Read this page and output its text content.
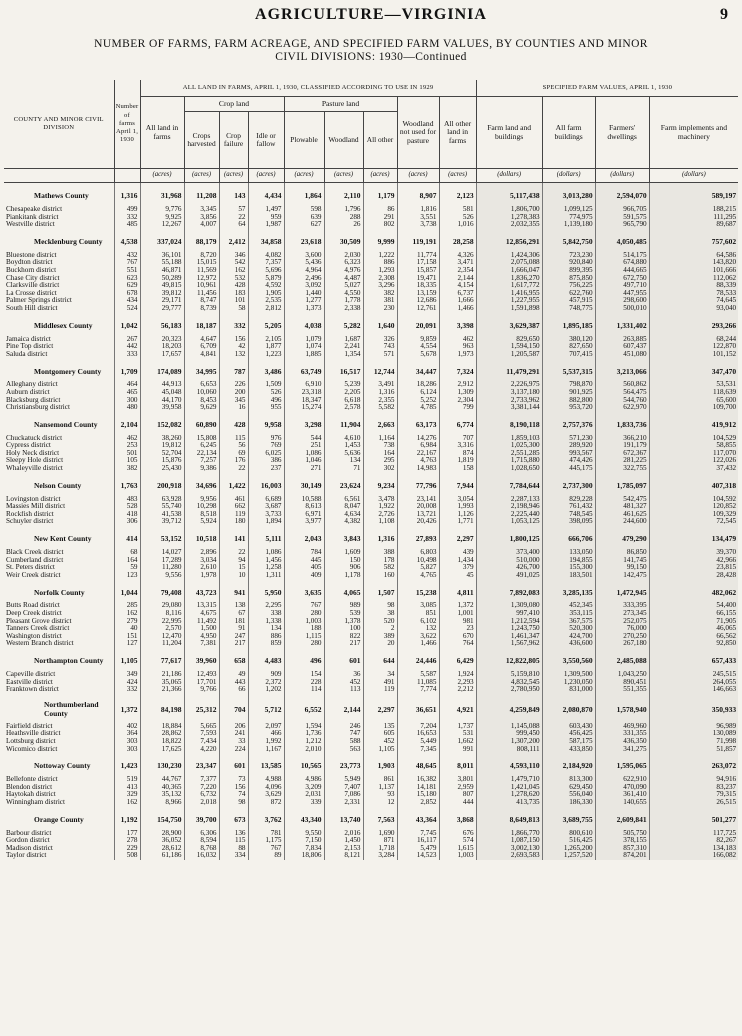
AGRICULTURE—VIRGINIA	9
NUMBER OF FARMS, FARM ACREAGE, AND SPECIFIED FARM VALUES, BY COUNTIES AND MINOR
CIVIL DIVISIONS: 1930—Continued
COUNTY AND MINOR CIVIL DIVISION	Number of farms April 1, 1930	ALL LAND IN FARMS, APRIL 1, 1930, CLASSIFIED ACCORDING TO USE IN 1929									SPECIFIED FARM VALUES, APRIL 1, 1930			
		All land in farms	Crop land			Pasture land			Woodland not used for pasture	All other land in farms	Farm land and buildings	All farm buildings	Farmers' dwellings	Farm implements and machinery
			Crops harvested	Crop failure	Idle or fallow	Plowable	Woodland	All other						
		(acres)	(acres)	(acres)	(acres)	(acres)	(acres)	(acres)	(acres)	(acres)	(dollars)	(dollars)	(dollars)	(dollars)
Mathews County	1,316	31,968	11,208	143	4,434	1,864	2,110	1,179	8,907	2,123	5,117,438	3,013,280	2,594,070	589,197
Chesapeake district	499	9,776	3,345	57	1,497	598	1,796	86	1,816	581	1,806,700	1,099,125	966,705	188,215
Piankitank district	332	9,925	3,856	22	959	639	288	291	3,551	526	1,278,383	774,975	591,575	111,295
Westville district	485	12,267	4,007	64	1,987	627	26	802	3,738	1,016	2,032,355	1,139,180	965,790	89,687
Mecklenburg County	4,538	337,024	88,179	2,412	34,858	23,618	30,509	9,999	119,191	28,258	12,856,291	5,842,750	4,050,485	757,602
Bluestone district	432	36,101	8,720	346	4,082	3,600	2,030	1,222	11,774	4,326	1,424,306	723,230	514,175	64,586
Boydton district	767	55,188	15,015	542	7,357	5,436	6,323	886	17,158	3,471	2,075,088	920,840	674,880	143,820
Buckhorn district	551	46,871	11,569	162	5,696	4,964	4,976	1,293	15,857	2,354	1,666,047	899,395	444,665	101,666
Chase City district	623	50,289	12,972	532	5,879	2,496	4,487	2,308	19,471	2,144	1,836,270	875,850	672,750	112,062
Clarksville district	629	49,815	10,961	428	4,592	3,092	5,027	3,296	18,335	4,154	1,617,772	756,225	497,710	88,339
La Crosse district	678	39,812	11,456	183	1,905	1,440	4,550	382	13,159	6,737	1,416,955	622,760	447,955	78,533
Palmer Springs district	434	29,171	8,747	101	2,535	1,277	1,778	381	12,686	1,666	1,227,955	457,915	298,600	74,645
South Hill district	524	29,777	8,739	58	2,812	1,373	2,338	230	12,761	1,466	1,591,898	748,775	500,010	93,040
Middlesex County	1,042	56,183	18,187	332	5,205	4,038	5,282	1,640	20,091	3,398	3,629,387	1,895,185	1,331,402	293,266
Jamaica district	267	20,323	4,647	156	2,105	1,079	1,687	326	9,859	462	829,650	380,120	263,885	68,244
Pine Top district	442	18,203	6,709	42	1,877	1,074	2,241	743	4,554	963	1,594,150	827,650	607,437	122,870
Saluda district	333	17,657	4,841	132	1,223	1,885	1,354	571	5,678	1,973	1,205,587	707,415	451,080	101,152
Montgomery County	1,709	174,089	34,995	787	3,486	63,749	16,517	12,744	34,447	7,324	11,479,291	5,537,315	3,213,066	347,470
Alleghany district	464	44,913	6,653	226	1,509	6,910	5,239	3,491	18,286	2,912	2,226,975	798,870	560,862	53,531
Auburn district	465	45,048	10,060	200	526	23,318	2,205	1,316	6,124	1,309	3,137,180	901,925	564,475	118,639
Blacksburg district	300	44,170	8,453	345	496	18,347	6,618	2,355	5,252	2,304	2,733,962	882,800	544,760	65,600
Christiansburg district	480	39,958	9,629	16	955	15,274	2,578	5,582	4,785	799	3,381,144	953,720	622,970	109,700
Nansemond County	2,104	152,082	60,890	428	9,958	3,298	11,904	2,663	63,173	6,774	8,190,118	2,757,376	1,833,736	419,912
Chuckatuck district	462	38,260	15,808	115	976	544	4,610	1,164	14,276	707	1,859,103	571,230	366,210	104,529
Cypress district	253	19,812	6,245	56	769	251	1,453	738	6,984	3,316	1,025,300	289,920	191,179	58,855
Holy Neck district	501	52,704	22,134	69	6,025	1,086	5,636	164	22,167	874	2,551,285	993,567	672,367	117,070
Sleepy Hole district	105	15,876	7,257	176	386	1,046	134	295	4,763	1,819	1,715,880	474,426	281,225	122,026
Whaleyville district	382	25,430	9,386	22	237	271	71	302	14,983	158	1,028,650	445,175	322,755	37,432
Nelson County	1,763	200,918	34,696	1,422	16,003	30,149	23,624	9,234	77,796	7,944	7,784,644	2,737,300	1,785,097	407,318
Lovingston district	483	63,928	9,956	461	6,689	10,588	6,561	3,478	23,141	3,054	2,287,133	829,228	542,475	104,592
Massies Mill district	528	55,740	10,298	662	3,687	8,613	8,047	1,922	20,008	1,993	2,198,946	761,432	481,327	120,852
Rockfish district	418	41,538	8,518	119	3,733	6,971	4,634	2,726	13,721	1,126	2,225,440	748,545	461,625	109,329
Schuyler district	306	39,712	5,924	180	1,894	3,977	4,382	1,108	20,426	1,771	1,053,125	398,095	244,600	72,545
New Kent County	414	53,152	10,518	141	5,111	2,043	3,843	1,316	27,893	2,297	1,800,125	666,706	479,290	134,479
Black Creek district	68	14,027	2,896	22	1,086	784	1,609	388	6,803	439	373,400	133,050	86,850	39,370
Cumberland district	164	17,289	3,034	94	1,456	445	150	178	10,498	1,434	510,000	194,855	141,745	42,966
St. Peters district	59	11,280	2,610	15	1,258	405	906	582	5,827	379	426,700	155,300	99,150	23,815
Weir Creek district	123	9,556	1,978	10	1,311	409	1,178	160	4,765	45	491,025	183,501	142,475	28,428
Norfolk County	1,044	79,408	43,723	941	5,950	3,635	4,065	1,507	15,238	4,811	7,892,083	3,285,135	1,472,945	482,062
Butts Road district	285	29,080	13,315	138	2,295	767	989	98	3,085	1,372	1,309,080	452,345	333,395	54,400
Deep Creek district	162	8,116	4,675	67	338	280	539	38	851	1,001	997,410	353,115	273,345	66,155
Pleasant Grove district	279	22,995	11,492	181	1,338	1,003	1,378	520	6,102	981	1,212,594	367,575	252,075	71,905
Tanners Creek district	40	2,570	1,500	91	134	188	100	2	132	23	1,243,750	520,300	76,000	46,065
Washington district	151	12,470	4,950	247	886	1,115	822	389	3,622	670	1,461,347	424,700	270,250	66,562
Western Branch district	127	11,204	7,381	217	859	280	217	20	1,466	764	1,567,962	436,600	267,180	92,850
Northampton County	1,105	77,617	39,960	658	4,483	496	601	644	24,446	6,429	12,822,805	3,550,560	2,485,088	657,433
Capeville district	349	21,186	12,493	49	909	154	36	34	5,587	1,924	5,159,810	1,309,500	1,043,250	245,515
Eastville district	424	35,065	17,701	443	2,372	228	452	491	11,085	2,293	4,832,545	1,230,050	890,451	264,055
Franktown district	332	21,366	9,766	66	1,202	114	113	119	7,774	2,212	2,780,950	831,000	551,355	146,663
Northumberland County	1,372	84,198	25,312	704	5,712	6,552	2,144	2,297	36,651	4,921	4,259,849	2,080,870	1,578,940	350,933
Fairfield district	402	18,884	5,665	206	2,097	1,594	246	135	7,204	1,737	1,145,088	603,430	469,960	96,989
Heathsville district	364	28,862	7,593	241	466	1,736	747	605	16,653	531	999,450	456,425	331,355	130,089
Lottsburg district	303	18,822	7,434	33	1,992	1,212	588	452	5,449	1,662	1,307,200	587,175	436,350	71,998
Wicomico district	303	17,625	4,220	224	1,167	2,010	563	1,105	7,345	991	808,111	433,850	341,275	51,857
Nottoway County	1,423	130,230	23,347	601	13,585	10,565	23,773	1,903	48,645	8,011	4,593,110	2,184,920	1,595,065	263,072
Bellefonte district	519	44,767	7,377	73	4,988	4,986	5,949	861	16,382	3,801	1,479,710	813,300	622,910	94,916
Blendon district	413	40,365	7,220	156	4,096	3,209	7,407	1,137	14,181	2,959	1,421,045	629,450	470,090	83,237
Haytokah district	329	35,132	6,732	74	3,629	2,031	7,086	93	15,180	807	1,278,620	556,040	361,410	79,315
Winningham district	162	8,966	2,018	98	872	339	2,331	12	2,852	444	413,735	186,330	140,655	26,515
Orange County	1,192	154,750	39,700	673	3,762	43,340	13,740	7,563	43,364	3,868	8,649,813	3,689,755	2,609,841	501,277
Barbour district	177	28,900	6,306	136	781	9,550	2,016	1,690	7,745	676	1,866,770	800,610	505,750	117,725
Gordon district	278	36,052	8,594	115	1,175	7,150	1,450	871	16,117	574	1,087,150	516,425	378,155	82,267
Madison district	229	28,612	8,768	88	767	7,834	2,153	1,718	5,479	1,615	3,002,130	1,265,200	857,310	134,183
Taylor district	508	61,186	16,032	334	89	18,806	8,121	3,284	14,523	1,003	2,693,583	1,257,520	874,201	166,082
